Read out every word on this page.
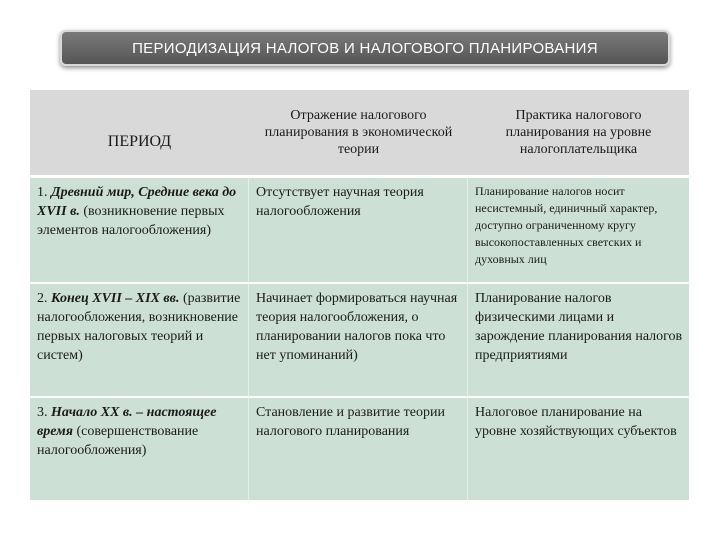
ПЕРИОДИЗАЦИЯ НАЛОГОВ И НАЛОГОВОГО ПЛАНИРОВАНИЯ
ПЕРИОД	Отражение налогового планирования в экономической теории	Практика налогового планирования на уровне налогоплательщика
1. Древний мир, Средние века до XVII в. (возникновение первых элементов налогообложения)	Отсутствует научная теория налогообложения	Планирование налогов носит несистемный, единичный характер, доступно ограниченному кругу высокопоставленных светских и духовных лиц
2. Конец XVII – XIX вв. (развитие налогообложения, возникновение первых налоговых теорий и систем)	Начинает формироваться научная теория налогообложения, о планировании налогов пока что нет упоминаний)	Планирование налогов физическими лицами и зарождение планирования налогов предприятиями
3. Начало XX в. – настоящее время (совершенствование налогообложения)	Становление и развитие теории налогового планирования	Налоговое планирование на уровне хозяйствующих субъектов
